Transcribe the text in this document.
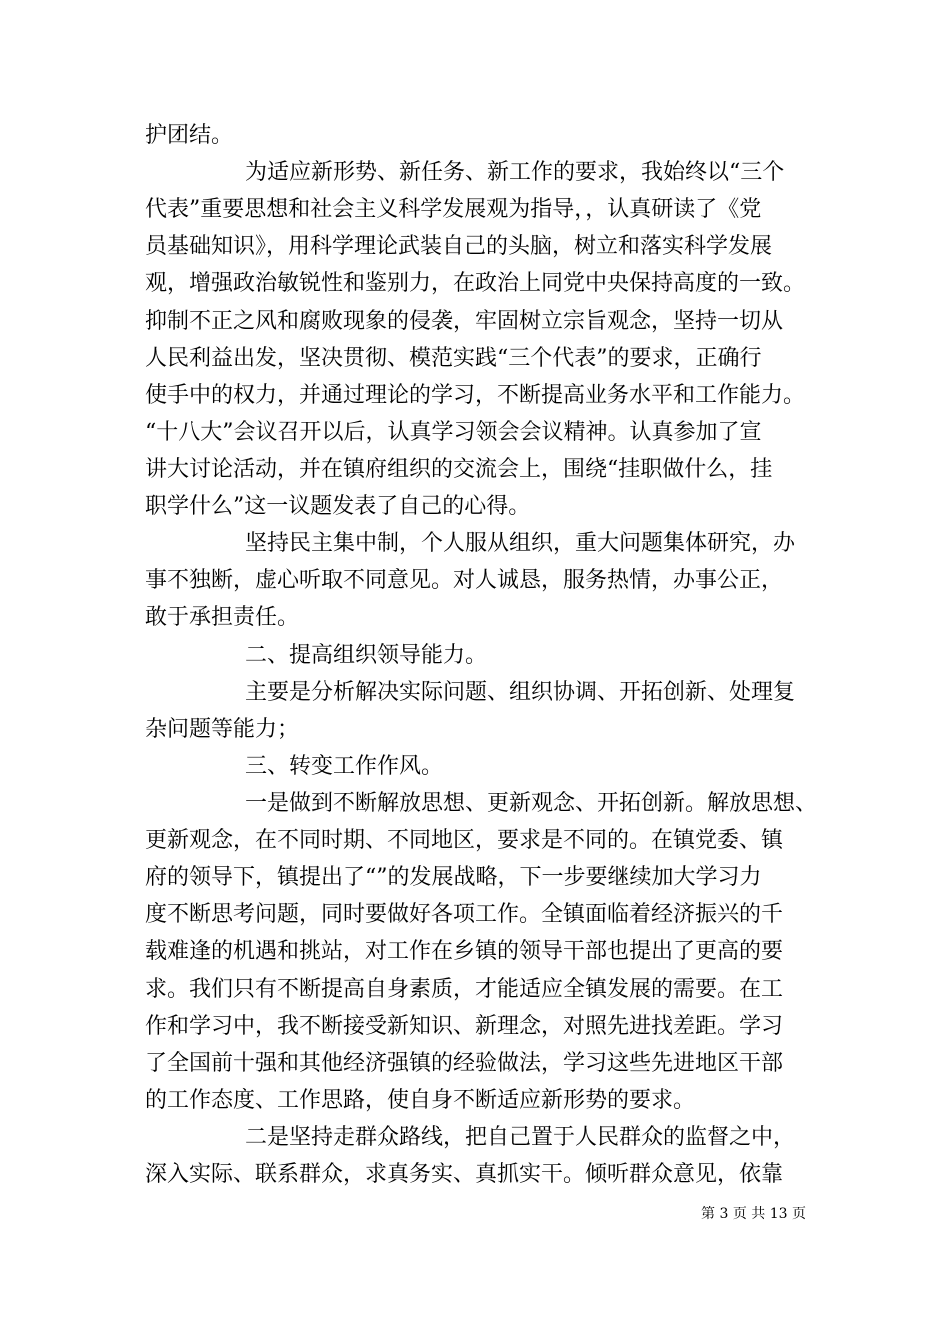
护团结。
为适应新形势、新任务、新工作的要求，我始终以“三个
代表”重要思想和社会主义科学发展观为指导，，认真研读了《党
员基础知识》，用科学理论武装自己的头脑，树立和落实科学发展
观，增强政治敏锐性和鉴别力，在政治上同党中央保持高度的一致。
抑制不正之风和腐败现象的侵袭，牢固树立宗旨观念，坚持一切从
人民利益出发，坚决贯彻、模范实践“三个代表”的要求，正确行
使手中的权力，并通过理论的学习，不断提高业务水平和工作能力。
“十八大”会议召开以后，认真学习领会会议精神。认真参加了宣
讲大讨论活动，并在镇府组织的交流会上，围绕“挂职做什么，挂
职学什么”这一议题发表了自己的心得。
坚持民主集中制，个人服从组织，重大问题集体研究，办
事不独断，虚心听取不同意见。对人诚恳，服务热情，办事公正，
敢于承担责任。
二、提高组织领导能力。
主要是分析解决实际问题、组织协调、开拓创新、处理复
杂问题等能力；
三、转变工作作风。
一是做到不断解放思想、更新观念、开拓创新。解放思想、
更新观念，在不同时期、不同地区，要求是不同的。在镇党委、镇
府的领导下，镇提出了“”的发展战略，下一步要继续加大学习力
度不断思考问题，同时要做好各项工作。全镇面临着经济振兴的千
载难逢的机遇和挑站，对工作在乡镇的领导干部也提出了更高的要
求。我们只有不断提高自身素质，才能适应全镇发展的需要。在工
作和学习中，我不断接受新知识、新理念，对照先进找差距。学习
了全国前十强和其他经济强镇的经验做法，学习这些先进地区干部
的工作态度、工作思路，使自身不断适应新形势的要求。
二是坚持走群众路线，把自己置于人民群众的监督之中，
深入实际、联系群众，求真务实、真抓实干。倾听群众意见，依靠
第 3 页 共 13 页
